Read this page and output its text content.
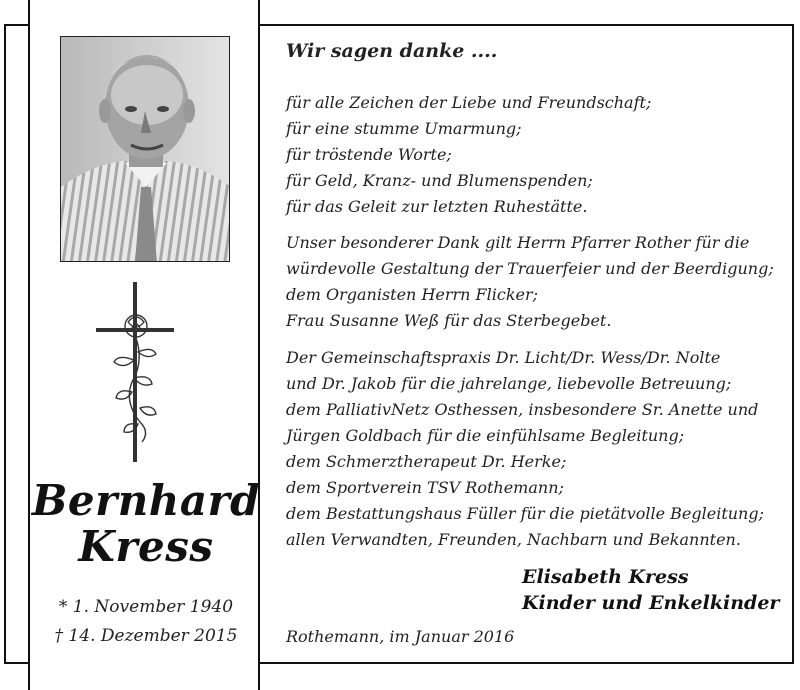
Bernhard
Kress
* 1. November 1940
† 14. Dezember 2015
Wir sagen danke ....
für alle Zeichen der Liebe und Freundschaft;
für eine stumme Umarmung;
für tröstende Worte;
für Geld, Kranz- und Blumenspenden;
für das Geleit zur letzten Ruhestätte.
Unser besonderer Dank gilt Herrn Pfarrer Rother für die
würdevolle Gestaltung der Trauerfeier und der Beerdigung;
dem Organisten Herrn Flicker;
Frau Susanne Weß für das Sterbegebet.
Der Gemeinschaftspraxis Dr. Licht/Dr. Wess/Dr. Nolte
und Dr. Jakob für die jahrelange, liebevolle Betreuung;
dem PalliativNetz Osthessen, insbesondere Sr. Anette und
Jürgen Goldbach für die einfühlsame Begleitung;
dem Schmerztherapeut Dr. Herke;
dem Sportverein TSV Rothemann;
dem Bestattungshaus Füller für die pietätvolle Begleitung;
allen Verwandten, Freunden, Nachbarn und Bekannten.
Elisabeth Kress
Kinder und Enkelkinder
Rothemann, im Januar 2016
